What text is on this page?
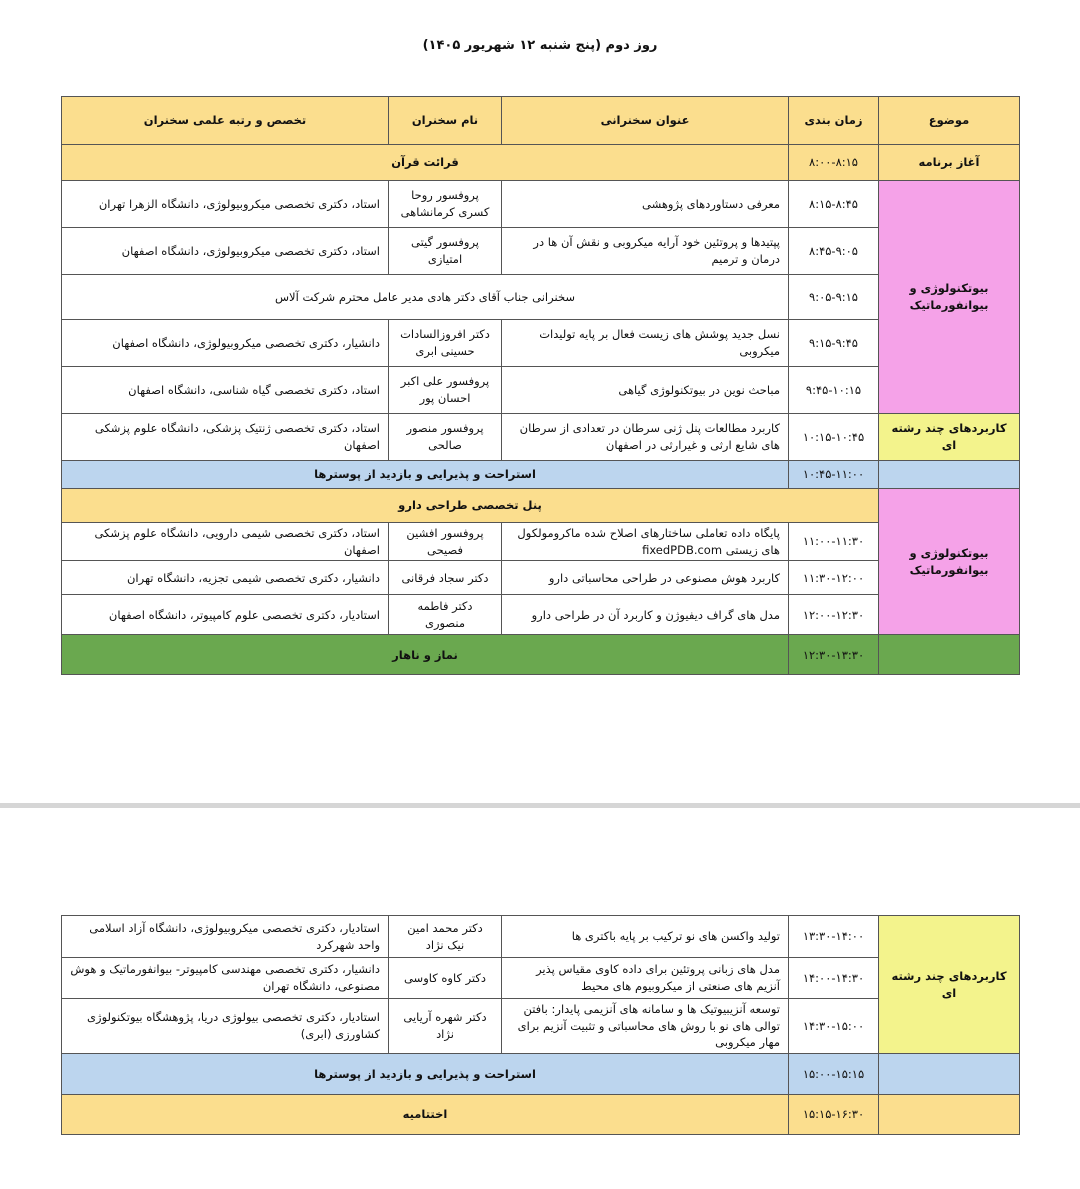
روز دوم (پنج شنبه ۱۲ شهریور ۱۴۰۵)
موضوع	زمان بندی	عنوان سخنرانی	نام سخنران	تخصص و رتبه علمی سخنران
آغاز برنامه	۸:۰۰-۸:۱۵	قرائت قرآن		
بیوتکنولوژی و بیوانفورماتیک	۸:۱۵-۸:۴۵	معرفی دستاوردهای پژوهشی	پروفسور روحا کسری کرمانشاهی	استاد، دکتری تخصصی میکروبیولوژی، دانشگاه الزهرا تهران
	۸:۴۵-۹:۰۵	پپتیدها و پروتئین خود آرایه میکروبی و نقش آن ها در درمان و ترمیم	پروفسور گیتی امتیازی	استاد، دکتری تخصصی میکروبیولوژی، دانشگاه اصفهان
	۹:۰۵-۹:۱۵	سخنرانی جناب آقای دکتر هادی مدیر عامل محترم شرکت آلاس		
	۹:۱۵-۹:۴۵	نسل جدید پوشش های زیست فعال بر پایه تولیدات میکروبی	دکتر افروزالسادات حسینی ابری	دانشیار، دکتری تخصصی میکروبیولوژی، دانشگاه اصفهان
	۹:۴۵-۱۰:۱۵	مباحث نوین در بیوتکنولوژی گیاهی	پروفسور علی اکبر احسان پور	استاد، دکتری تخصصی گیاه شناسی، دانشگاه اصفهان
کاربردهای چند رشته ای	۱۰:۱۵-۱۰:۴۵	کاربرد مطالعات پنل ژنی سرطان در تعدادی از سرطان های شایع ارثی و غیرارثی در اصفهان	پروفسور منصور صالحی	استاد، دکتری تخصصی ژنتیک پزشکی، دانشگاه علوم پزشکی اصفهان
	۱۰:۴۵-۱۱:۰۰	استراحت و پذیرایی و بازدید از پوسترها		
بیوتکنولوژی و بیوانفورماتیک	پنل تخصصی طراحی دارو			
	۱۱:۰۰-۱۱:۳۰	پایگاه داده تعاملی ساختارهای اصلاح شده ماکرومولکول های زیستی fixedPDB.com	پروفسور افشین فصیحی	استاد، دکتری تخصصی شیمی دارویی، دانشگاه علوم پزشکی اصفهان
	۱۱:۳۰-۱۲:۰۰	کاربرد هوش مصنوعی در طراحی محاسباتی دارو	دکتر سجاد فرقانی	دانشیار، دکتری تخصصی شیمی تجزیه، دانشگاه تهران
	۱۲:۰۰-۱۲:۳۰	مدل های گراف دیفیوژن و کاربرد آن در طراحی دارو	دکتر فاطمه منصوری	استادیار، دکتری تخصصی علوم کامپیوتر، دانشگاه اصفهان
	۱۲:۳۰-۱۳:۳۰	نماز و ناهار		
کاربردهای چند رشته ای	۱۳:۳۰-۱۴:۰۰	تولید واکسن های نو ترکیب بر پایه باکتری ها	دکتر محمد امین نیک نژاد	استادیار، دکتری تخصصی میکروبیولوژی، دانشگاه آزاد اسلامی واحد شهرکرد
	۱۴:۰۰-۱۴:۳۰	مدل های زبانی پروتئین برای داده کاوی مقیاس پذیر آنزیم های صنعتی از میکروبیوم های محیط	دکتر کاوه کاوسی	دانشیار، دکتری تخصصی مهندسی کامپیوتر- بیوانفورماتیک و هوش مصنوعی، دانشگاه تهران
	۱۴:۳۰-۱۵:۰۰	توسعه آنزیبیوتیک ها و سامانه های آنزیمی پایدار: بافتن توالی های نو با روش های محاسباتی و تثبیت آنزیم برای مهار میکروبی	دکتر شهره آریایی نژاد	استادیار، دکتری تخصصی بیولوژی دریا، پژوهشگاه بیوتکنولوژی کشاورزی (ابری)
	۱۵:۰۰-۱۵:۱۵	استراحت و پذیرایی و بازدید از پوسترها		
	۱۵:۱۵-۱۶:۳۰	اختتامیه		
